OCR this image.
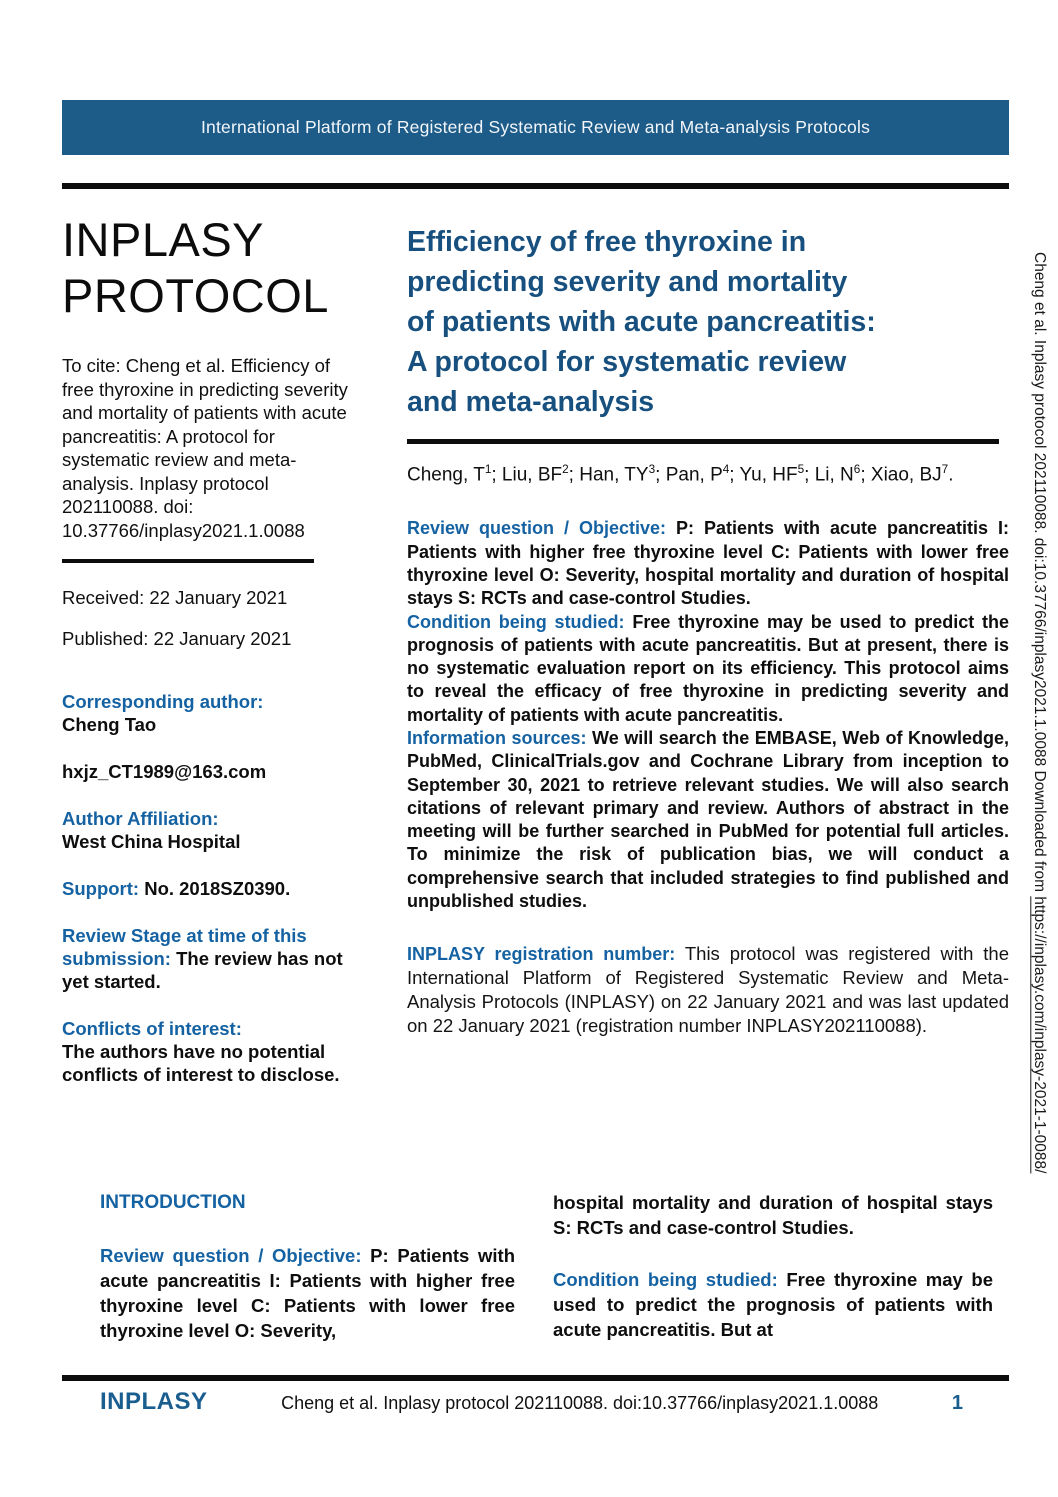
International Platform of Registered Systematic Review and Meta-analysis Protocols
INPLASY
PROTOCOL
To cite: Cheng et al. Efficiency of free thyroxine in predicting severity and mortality of patients with acute pancreatitis: A protocol for systematic review and meta-analysis. Inplasy protocol 202110088. doi: 10.37766/inplasy2021.1.0088
Received: 22 January 2021
Published: 22 January 2021
Corresponding author:
Cheng Tao
hxjz_CT1989@163.com
Author Affiliation:
West China Hospital
Support: No. 2018SZ0390.
Review Stage at time of this submission: The review has not yet started.
Conflicts of interest:
The authors have no potential conflicts of interest to disclose.
Efficiency of free thyroxine in
predicting severity and mortality
of patients with acute pancreatitis:
A protocol for systematic review
and meta-analysis
Cheng, $T^1$; Liu, $BF^2$; Han, $TY^3$; Pan, $P^4$; Yu, $HF^5$; Li, $N^6$; Xiao, $BJ^7$.

Review question / Objective: P: Patients with acute pancreatitis I: Patients with higher free thyroxine level C: Patients with lower free thyroxine level O: Severity, hospital mortality and duration of hospital stays S: RCTs and case-control Studies.

Condition being studied: Free thyroxine may be used to predict the prognosis of patients with acute pancreatitis. But at present, there is no systematic evaluation report on its efficiency. This protocol aims to reveal the efficacy of free thyroxine in predicting severity and mortality of patients with acute pancreatitis.

Information sources: We will search the EMBASE, Web of Knowledge, PubMed, ClinicalTrials.gov and Cochrane Library from inception to September 30, 2021 to retrieve relevant studies. We will also search citations of relevant primary and review. Authors of abstract in the meeting will be further searched in PubMed for potential full articles. To minimize the risk of publication bias, we will conduct a comprehensive search that included strategies to find published and unpublished studies.

INPLASY registration number: This protocol was registered with the International Platform of Registered Systematic Review and Meta-Analysis Protocols (INPLASY) on 22 January 2021 and was last updated on 22 January 2021 (registration number INPLASY202110088).
INTRODUCTION
Review question / Objective: P: Patients with acute pancreatitis I: Patients with higher free thyroxine level C: Patients with lower free thyroxine level O: Severity,
hospital mortality and duration of hospital stays S: RCTs and case-control Studies.
Condition being studied: Free thyroxine may be used to predict the prognosis of patients with acute pancreatitis. But at
INPLASY	Cheng et al. Inplasy protocol 202110088. doi:10.37766/inplasy2021.1.0088	1
Cheng et al. Inplasy protocol 202110088. doi:10.37766/inplasy2021.1.0088 Downloaded from https://inplasy.com/inplasy-2021-1-0088/
